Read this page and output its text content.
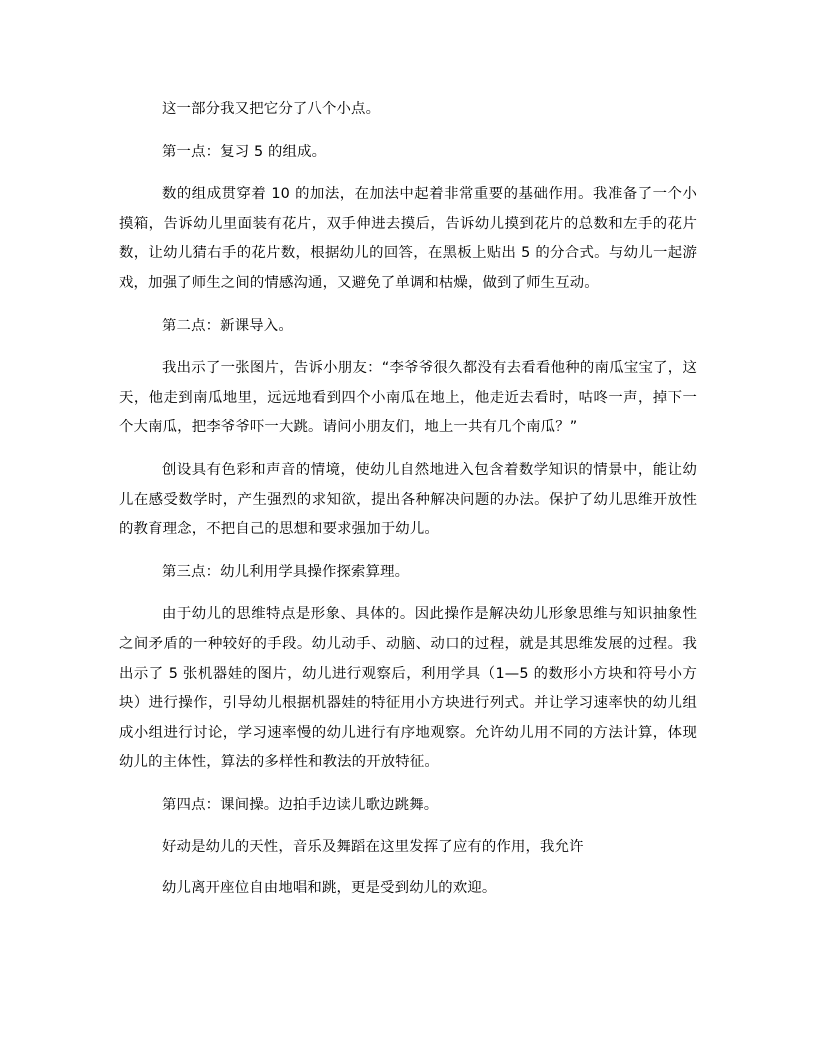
这一部分我又把它分了八个小点。

第一点：复习 5 的组成。

数的组成贯穿着 10 的加法，在加法中起着非常重要的基础作用。我准备了一个小摸箱，告诉幼儿里面装有花片，双手伸进去摸后，告诉幼儿摸到花片的总数和左手的花片数，让幼儿猜右手的花片数，根据幼儿的回答，在黑板上贴出 5 的分合式。与幼儿一起游戏，加强了师生之间的情感沟通，又避免了单调和枯燥，做到了师生互动。

第二点：新课导入。

我出示了一张图片，告诉小朋友：“李爷爷很久都没有去看看他种的南瓜宝宝了，这天，他走到南瓜地里，远远地看到四个小南瓜在地上，他走近去看时，咕咚一声，掉下一个大南瓜，把李爷爷吓一大跳。请问小朋友们，地上一共有几个南瓜？”

创设具有色彩和声音的情境，使幼儿自然地进入包含着数学知识的情景中，能让幼儿在感受数学时，产生强烈的求知欲，提出各种解决问题的办法。保护了幼儿思维开放性的教育理念，不把自己的思想和要求强加于幼儿。

第三点：幼儿利用学具操作探索算理。

由于幼儿的思维特点是形象、具体的。因此操作是解决幼儿形象思维与知识抽象性之间矛盾的一种较好的手段。幼儿动手、动脑、动口的过程，就是其思维发展的过程。我出示了 5 张机器娃的图片，幼儿进行观察后，利用学具（1—5 的数形小方块和符号小方块）进行操作，引导幼儿根据机器娃的特征用小方块进行列式。并让学习速率快的幼儿组成小组进行讨论，学习速率慢的幼儿进行有序地观察。允许幼儿用不同的方法计算，体现幼儿的主体性，算法的多样性和教法的开放特征。

第四点：课间操。边拍手边读儿歌边跳舞。

好动是幼儿的天性，音乐及舞蹈在这里发挥了应有的作用，我允许

幼儿离开座位自由地唱和跳，更是受到幼儿的欢迎。
